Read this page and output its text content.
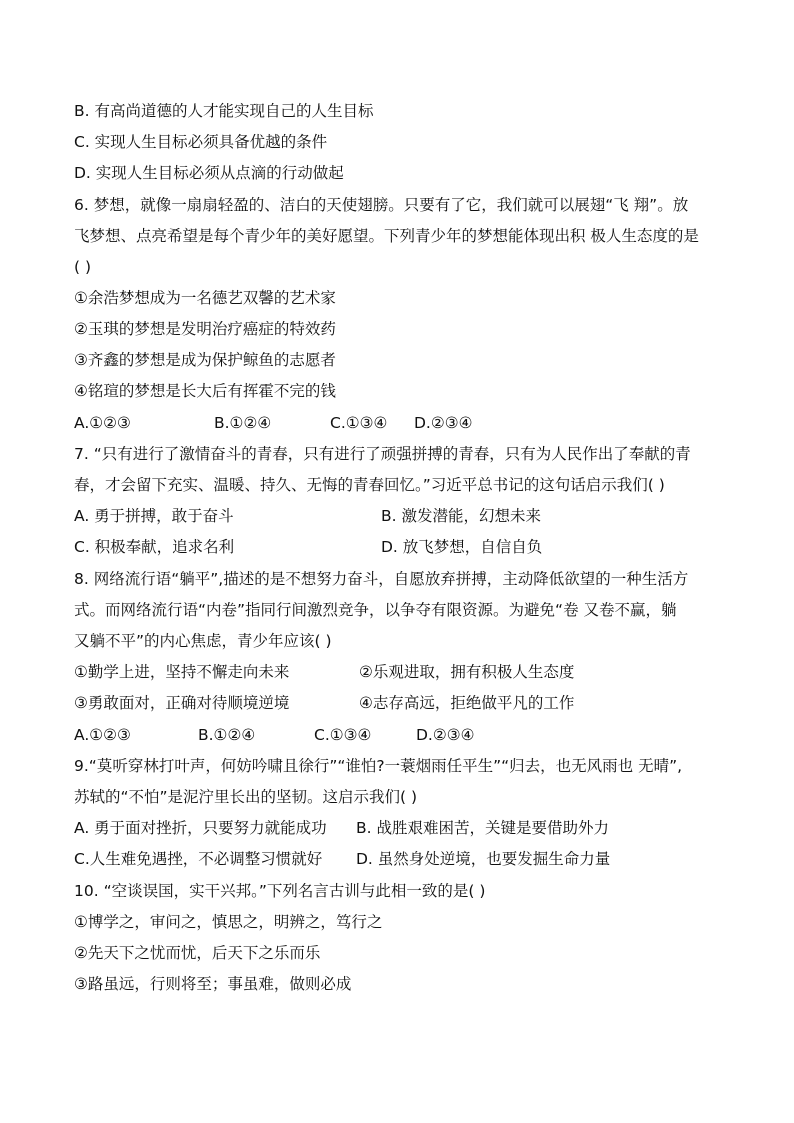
B. 有高尚道德的人才能实现自己的人生目标
C. 实现人生目标必须具备优越的条件
D. 实现人生目标必须从点滴的行动做起
6. 梦想，就像一扇扇轻盈的、洁白的天使翅膀。只要有了它，我们就可以展翅“飞 翔”。放
飞梦想、点亮希望是每个青少年的美好愿望。下列青少年的梦想能体现出积 极人生态度的是
( )
①余浩梦想成为一名德艺双馨的艺术家
②玉琪的梦想是发明治疗癌症的特效药
③齐鑫的梦想是成为保护鲸鱼的志愿者
④铭瑄的梦想是长大后有挥霍不完的钱
A.①②③	B.①②④	C.①③④	D.②③④
7. “只有进行了激情奋斗的青春，只有进行了顽强拼搏的青春，只有为人民作出了奉献的青
春，才会留下充实、温暖、持久、无悔的青春回忆。”习近平总书记的这句话启示我们( )
A. 勇于拼搏，敢于奋斗	B. 激发潜能，幻想未来
C. 积极奉献，追求名利	D. 放飞梦想，自信自负
8. 网络流行语“躺平”,描述的是不想努力奋斗，自愿放弃拼搏，主动降低欲望的一种生活方
式。而网络流行语“内卷”指同行间激烈竞争，以争夺有限资源。为避免“卷 又卷不赢，躺
又躺不平”的内心焦虑，青少年应该( )
①勤学上进，坚持不懈走向未来	②乐观进取，拥有积极人生态度
③勇敢面对，正确对待顺境逆境	④志存高远，拒绝做平凡的工作
A.①②③	B.①②④	C.①③④	D.②③④
9.“莫听穿林打叶声，何妨吟啸且徐行”“谁怕?一蓑烟雨任平生”“归去，也无风雨也 无晴”,
苏轼的“不怕”是泥泞里长出的坚韧。这启示我们( )
A. 勇于面对挫折，只要努力就能成功	B. 战胜艰难困苦，关键是要借助外力
C.人生难免遇挫，不必调整习惯就好	D. 虽然身处逆境，也要发掘生命力量
10. “空谈误国，实干兴邦。”下列名言古训与此相一致的是( )
①博学之，审问之，慎思之，明辨之，笃行之
②先天下之忧而忧，后天下之乐而乐
③路虽远，行则将至；事虽难，做则必成
